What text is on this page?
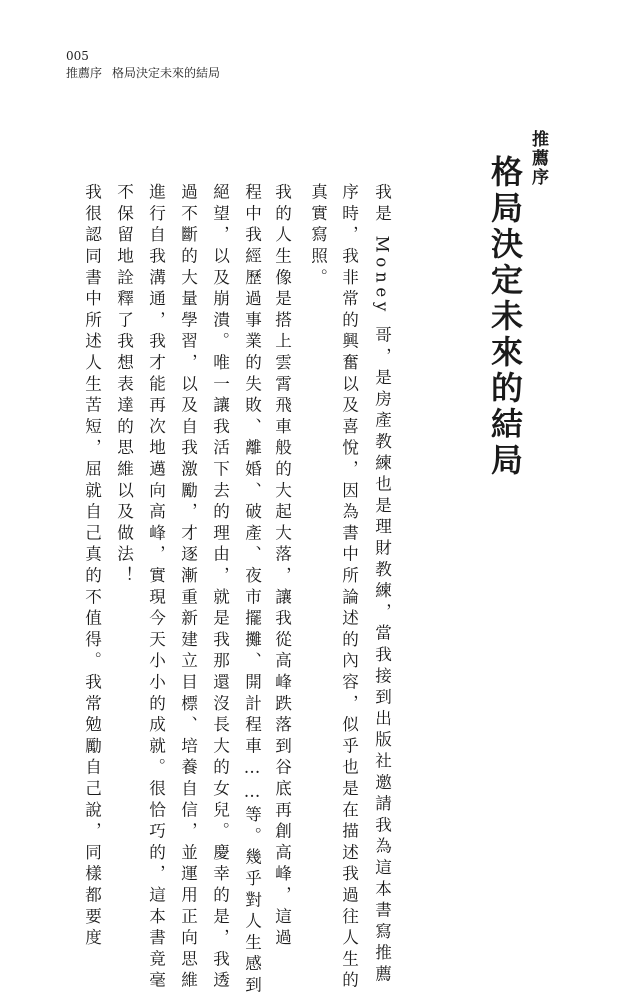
005
推薦序 格局決定未來的結局
推薦序
格局決定未來的結局
我是 Money 哥，是房產教練也是理財教練，當我接到出版社邀請我為這本書寫推薦
序時，我非常的興奮以及喜悅，因為書中所論述的內容，似乎也是在描述我過往人生的
真實寫照。
我的人生像是搭上雲霄飛車般的大起大落，讓我從高峰跌落到谷底再創高峰，這過
程中我經歷過事業的失敗、離婚、破產、夜市擺攤、開計程車……等。幾乎對人生感到
絕望，以及崩潰。唯一讓我活下去的理由，就是我那還沒長大的女兒。慶幸的是，我透
過不斷的大量學習，以及自我激勵，才逐漸重新建立目標、培養自信，並運用正向思維
進行自我溝通，我才能再次地邁向高峰，實現今天小小的成就。很恰巧的，這本書竟毫
不保留地詮釋了我想表達的思維以及做法！
我很認同書中所述人生苦短，屈就自己真的不值得。我常勉勵自己說，同樣都要度
